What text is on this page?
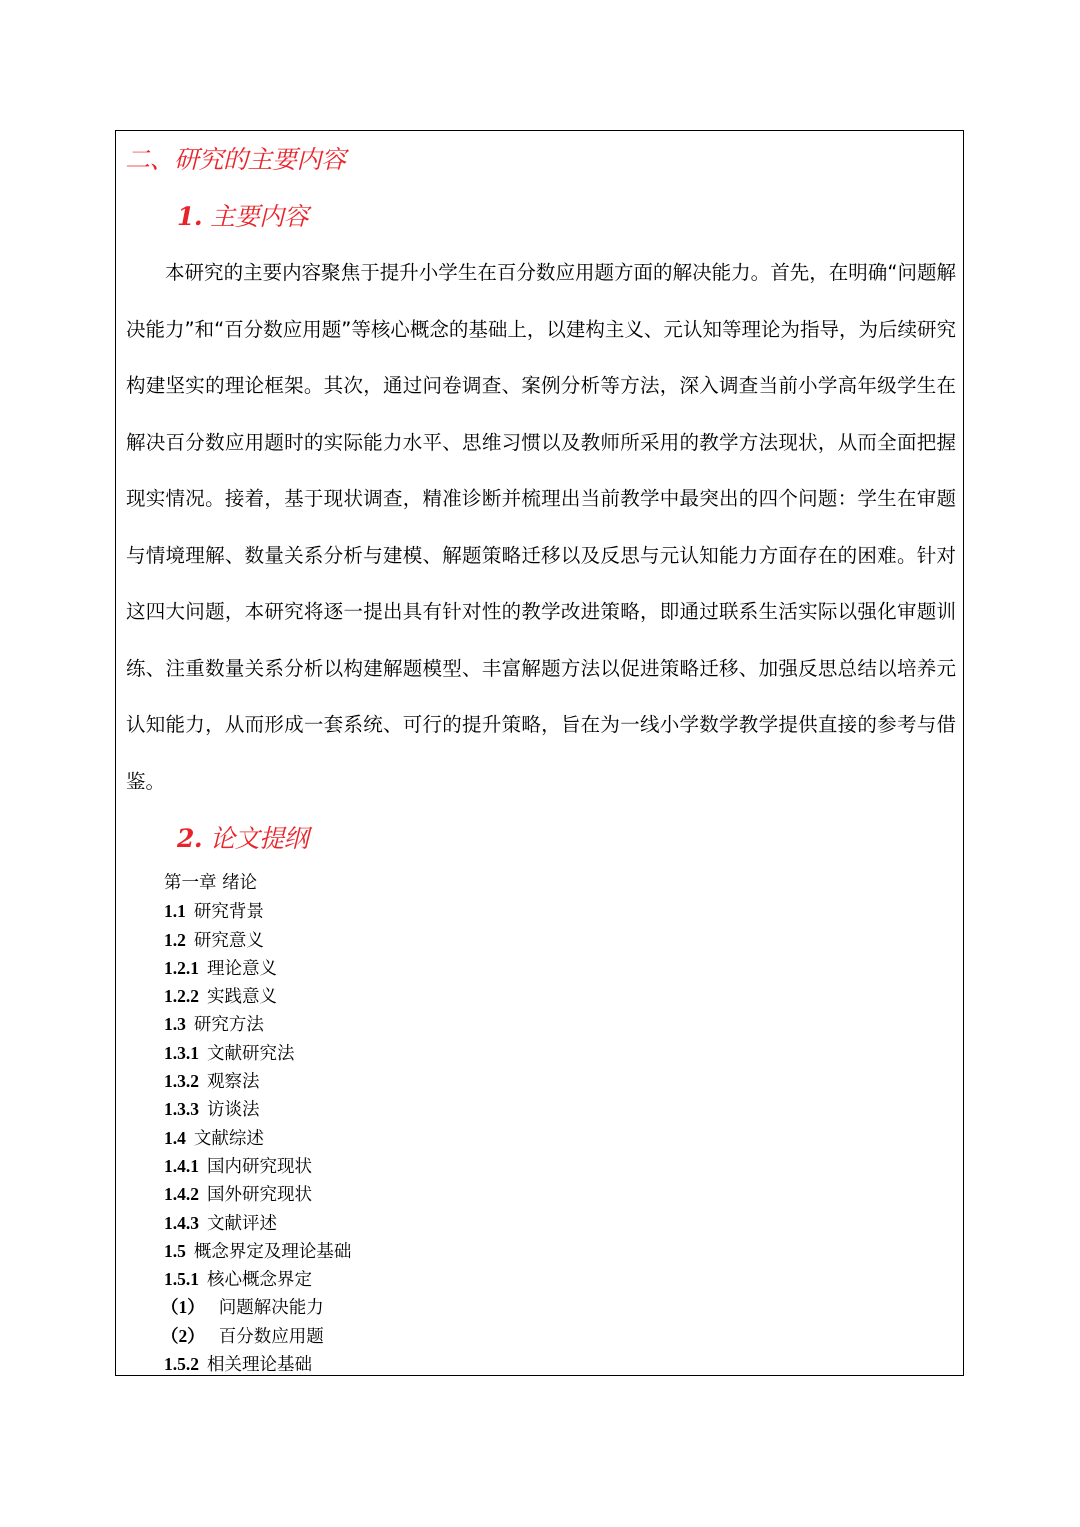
二、研究的主要内容
1. 主要内容

本研究的主要内容聚焦于提升小学生在百分数应用题方面的解决能力。首先，在明确“问题解决能力”和“百分数应用题”等核心概念的基础上，以建构主义、元认知等理论为指导，为后续研究构建坚实的理论框架。其次，通过问卷调查、案例分析等方法，深入调查当前小学高年级学生在解决百分数应用题时的实际能力水平、思维习惯以及教师所采用的教学方法现状，从而全面把握现实情况。接着，基于现状调查，精准诊断并梳理出当前教学中最突出的四个问题：学生在审题与情境理解、数量关系分析与建模、解题策略迁移以及反思与元认知能力方面存在的困难。针对这四大问题，本研究将逐一提出具有针对性的教学改进策略，即通过联系生活实际以强化审题训练、注重数量关系分析以构建解题模型、丰富解题方法以促进策略迁移、加强反思总结以培养元认知能力，从而形成一套系统、可行的提升策略，旨在为一线小学数学教学提供直接的参考与借鉴。

2. 论文提纲
第一章 绪论
1.1 研究背景
1.2 研究意义
1.2.1 理论意义
1.2.2 实践意义
1.3 研究方法
1.3.1 文献研究法
1.3.2 观察法
1.3.3 访谈法
1.4 文献综述
1.4.1 国内研究现状
1.4.2 国外研究现状
1.4.3 文献评述
1.5 概念界定及理论基础
1.5.1 核心概念界定
（1） 问题解决能力
（2） 百分数应用题
1.5.2 相关理论基础
